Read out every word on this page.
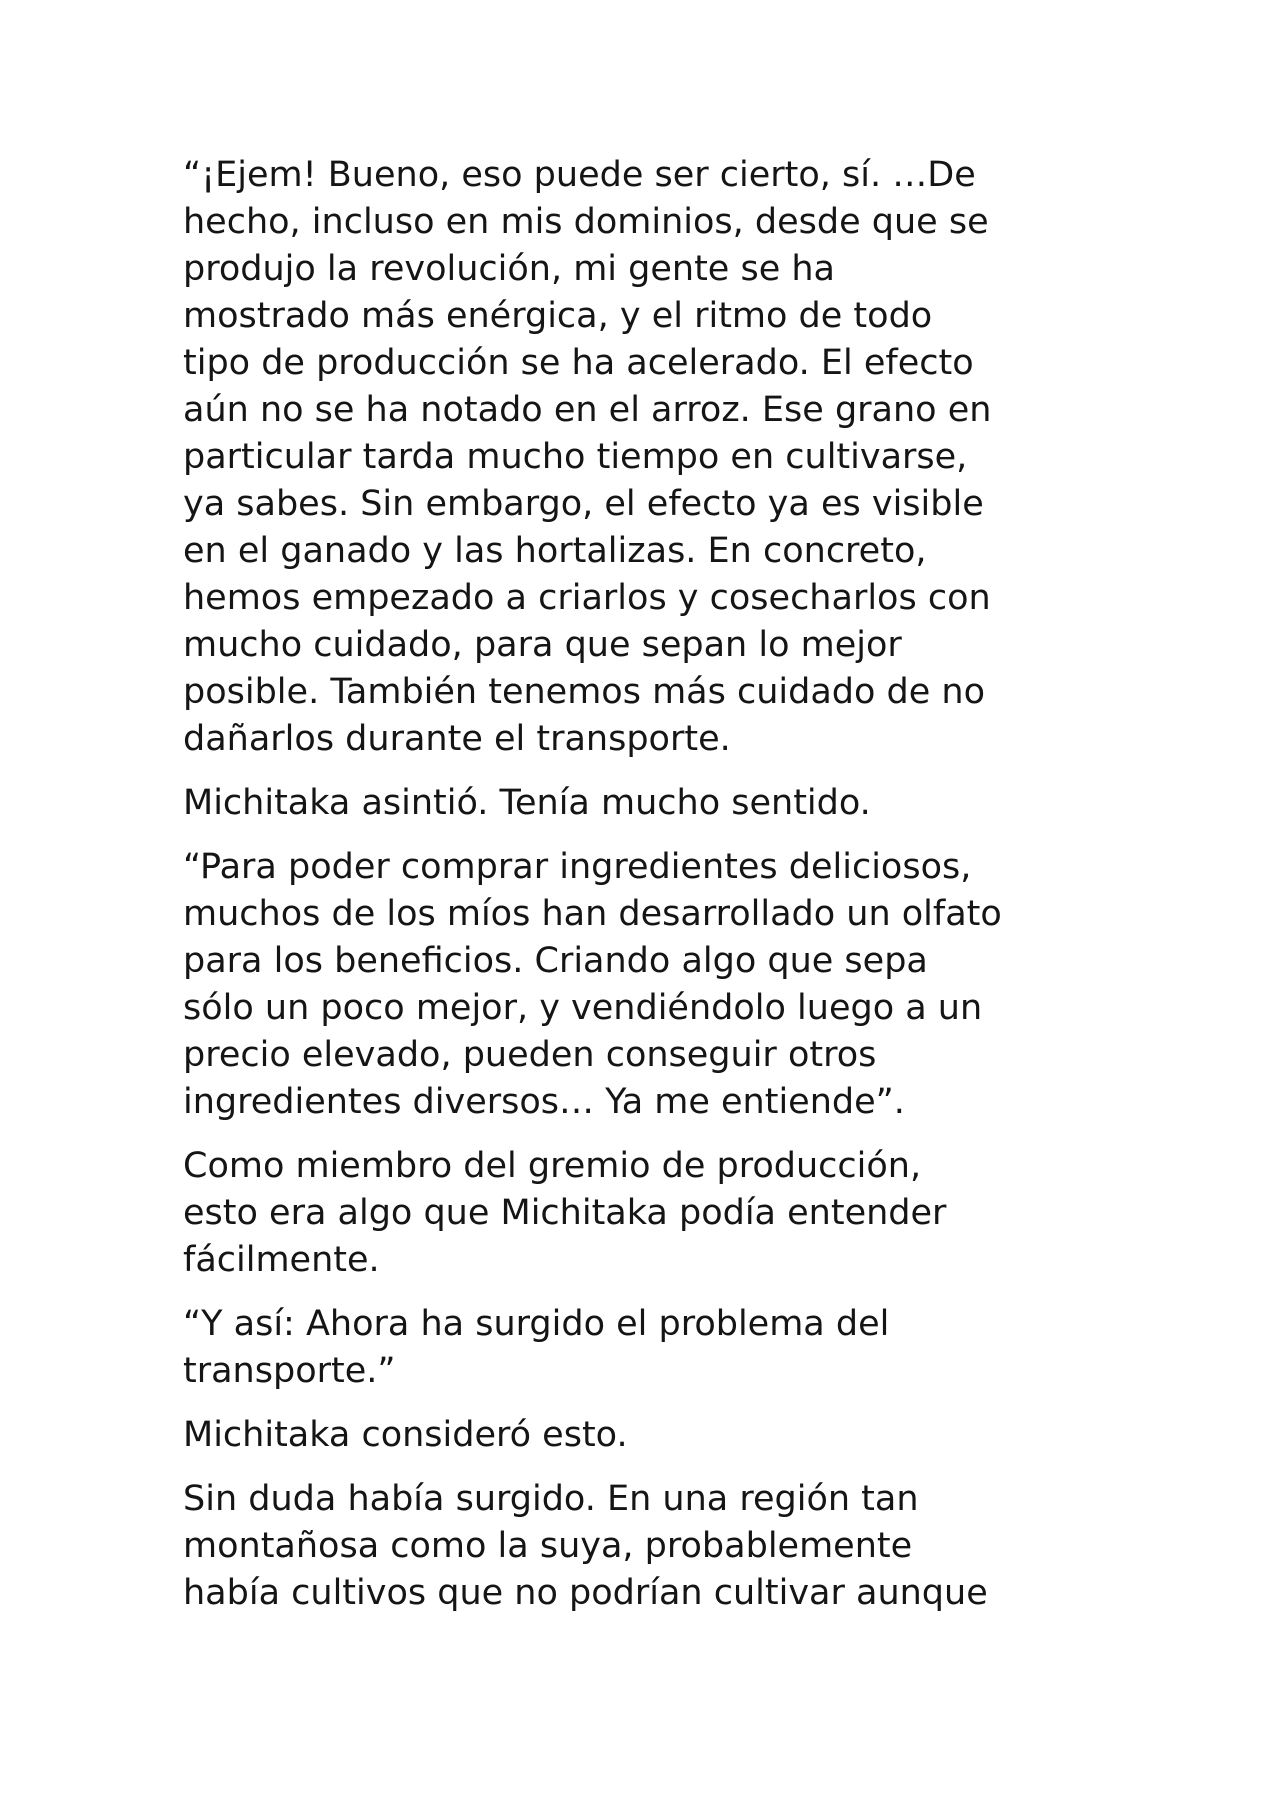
“¡Ejem! Bueno, eso puede ser cierto, sí. …De
hecho, incluso en mis dominios, desde que se
produjo la revolución, mi gente se ha
mostrado más enérgica, y el ritmo de todo
tipo de producción se ha acelerado. El efecto
aún no se ha notado en el arroz. Ese grano en
particular tarda mucho tiempo en cultivarse,
ya sabes. Sin embargo, el efecto ya es visible
en el ganado y las hortalizas. En concreto,
hemos empezado a criarlos y cosecharlos con
mucho cuidado, para que sepan lo mejor
posible. También tenemos más cuidado de no
dañarlos durante el transporte.

Michitaka asintió. Tenía mucho sentido.

“Para poder comprar ingredientes deliciosos,
muchos de los míos han desarrollado un olfato
para los beneficios. Criando algo que sepa
sólo un poco mejor, y vendiéndolo luego a un
precio elevado, pueden conseguir otros
ingredientes diversos… Ya me entiende”.

Como miembro del gremio de producción,
esto era algo que Michitaka podía entender
fácilmente.

“Y así: Ahora ha surgido el problema del
transporte.”

Michitaka consideró esto.

Sin duda había surgido. En una región tan
montañosa como la suya, probablemente
había cultivos que no podrían cultivar aunque
